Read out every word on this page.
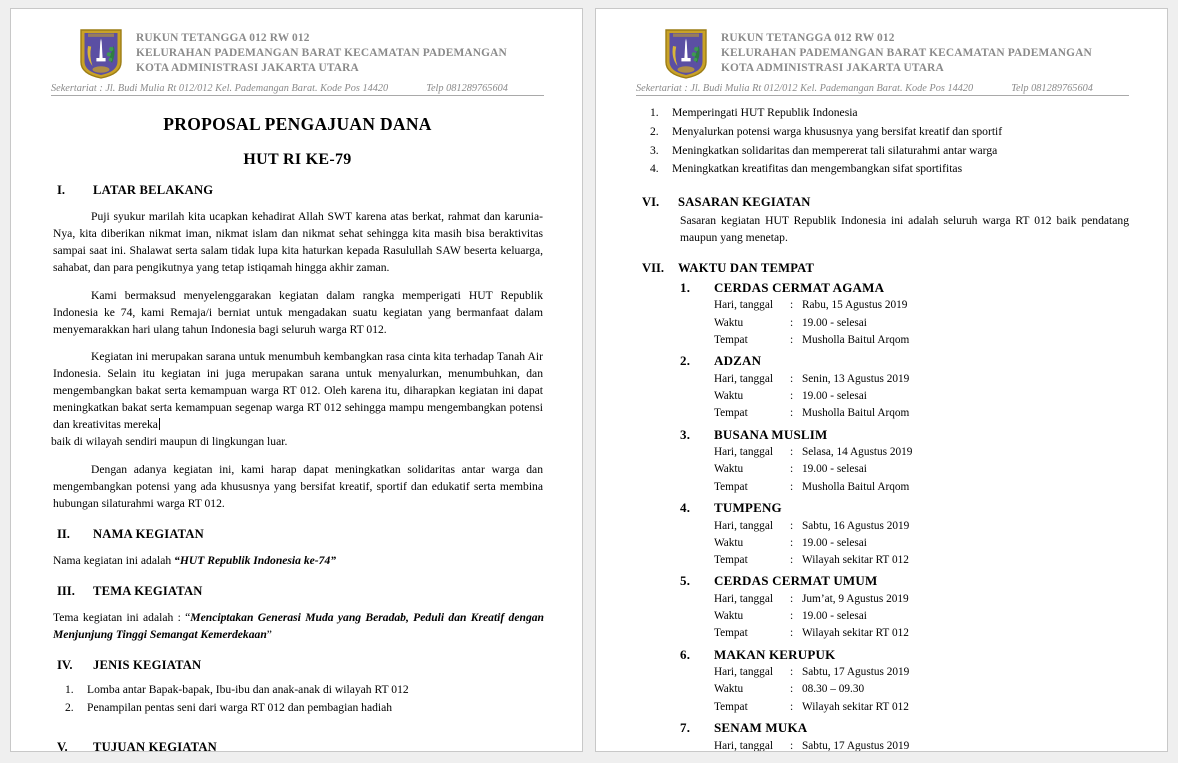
RUKUN TETANGGA 012 RW 012
KELURAHAN PADEMANGAN BARAT KECAMATAN PADEMANGAN
KOTA ADMINISTRASI JAKARTA UTARA
Sekertariat : Jl. Budi Mulia Rt 012/012 Kel. Pademangan Barat. Kode Pos 14420	Telp 081289765604
PROPOSAL PENGAJUAN DANA
HUT RI KE-79
I.	LATAR BELAKANG

Puji syukur marilah kita ucapkan kehadirat Allah SWT karena atas berkat, rahmat dan karunia-Nya, kita diberikan nikmat iman, nikmat islam dan nikmat sehat sehingga kita masih bisa beraktivitas sampai saat ini. Shalawat serta salam tidak lupa kita haturkan kepada Rasulullah SAW beserta keluarga, sahabat, dan para pengikutnya yang tetap istiqamah hingga akhir zaman.

Kami bermaksud menyelenggarakan kegiatan dalam rangka memperigati HUT Republik Indonesia ke 74, kami Remaja/i berniat untuk mengadakan suatu kegiatan yang bermanfaat dalam menyemarakkan hari ulang tahun Indonesia bagi seluruh warga RT 012.

Kegiatan ini merupakan sarana untuk menumbuh kembangkan rasa cinta kita terhadap Tanah Air Indonesia. Selain itu kegiatan ini juga merupakan sarana untuk menyalurkan, menumbuhkan, dan mengembangkan bakat serta kemampuan warga RT 012. Oleh karena itu, diharapkan kegiatan ini dapat meningkatkan bakat serta kemampuan segenap warga RT 012 sehingga mampu mengembangkan potensi dan kreativitas mereka

baik di wilayah sendiri maupun di lingkungan luar.

Dengan adanya kegiatan ini, kami harap dapat meningkatkan solidaritas antar warga dan mengembangkan potensi yang ada khususnya yang bersifat kreatif, sportif dan edukatif serta membina hubungan silaturahmi warga RT 012.

II.	NAMA KEGIATAN

Nama kegiatan ini adalah “HUT Republik Indonesia ke-74”

III.	TEMA KEGIATAN

Tema kegiatan ini adalah : “Menciptakan Generasi Muda yang Beradab, Peduli dan Kreatif dengan Menjunjung Tinggi Semangat Kemerdekaan”

IV.	JENIS KEGIATAN
Lomba antar Bapak-bapak, Ibu-ibu dan anak-anak di wilayah RT 012
Penampilan pentas seni dari warga RT 012 dan pembagian hadiah
V.	TUJUAN KEGIATAN
RUKUN TETANGGA 012 RW 012
KELURAHAN PADEMANGAN BARAT KECAMATAN PADEMANGAN
KOTA ADMINISTRASI JAKARTA UTARA
Sekertariat : Jl. Budi Mulia Rt 012/012 Kel. Pademangan Barat. Kode Pos 14420	Telp 081289765604
Memperingati HUT Republik Indonesia
Menyalurkan potensi warga khususnya yang bersifat kreatif dan sportif
Meningkatkan solidaritas dan mempererat tali silaturahmi antar warga
Meningkatkan kreatifitas dan mengembangkan sifat sportifitas
VI.	SASARAN KEGIATAN

Sasaran kegiatan HUT Republik Indonesia ini adalah seluruh warga RT 012 baik pendatang maupun yang menetap.

VII.	WAKTU DAN TEMPAT
CERDAS CERMAT AGAMA
Hari, tanggal	: Rabu, 15 Agustus 2019
Waktu	: 19.00 - selesai
Tempat	: Musholla Baitul Arqom
ADZAN
Hari, tanggal	: Senin, 13 Agustus 2019
Waktu	: 19.00 - selesai
Tempat	: Musholla Baitul Arqom
BUSANA MUSLIM
Hari, tanggal	: Selasa, 14 Agustus 2019
Waktu	: 19.00 - selesai
Tempat	: Musholla Baitul Arqom
TUMPENG
Hari, tanggal	: Sabtu, 16 Agustus 2019
Waktu	: 19.00 - selesai
Tempat	: Wilayah sekitar RT 012
CERDAS CERMAT UMUM
Hari, tanggal	: Jum’at, 9 Agustus 2019
Waktu	: 19.00 - selesai
Tempat	: Wilayah sekitar RT 012
MAKAN KERUPUK
Hari, tanggal	: Sabtu, 17 Agustus 2019
Waktu	: 08.30 – 09.30
Tempat	: Wilayah sekitar RT 012
SENAM MUKA
Hari, tanggal	: Sabtu, 17 Agustus 2019
